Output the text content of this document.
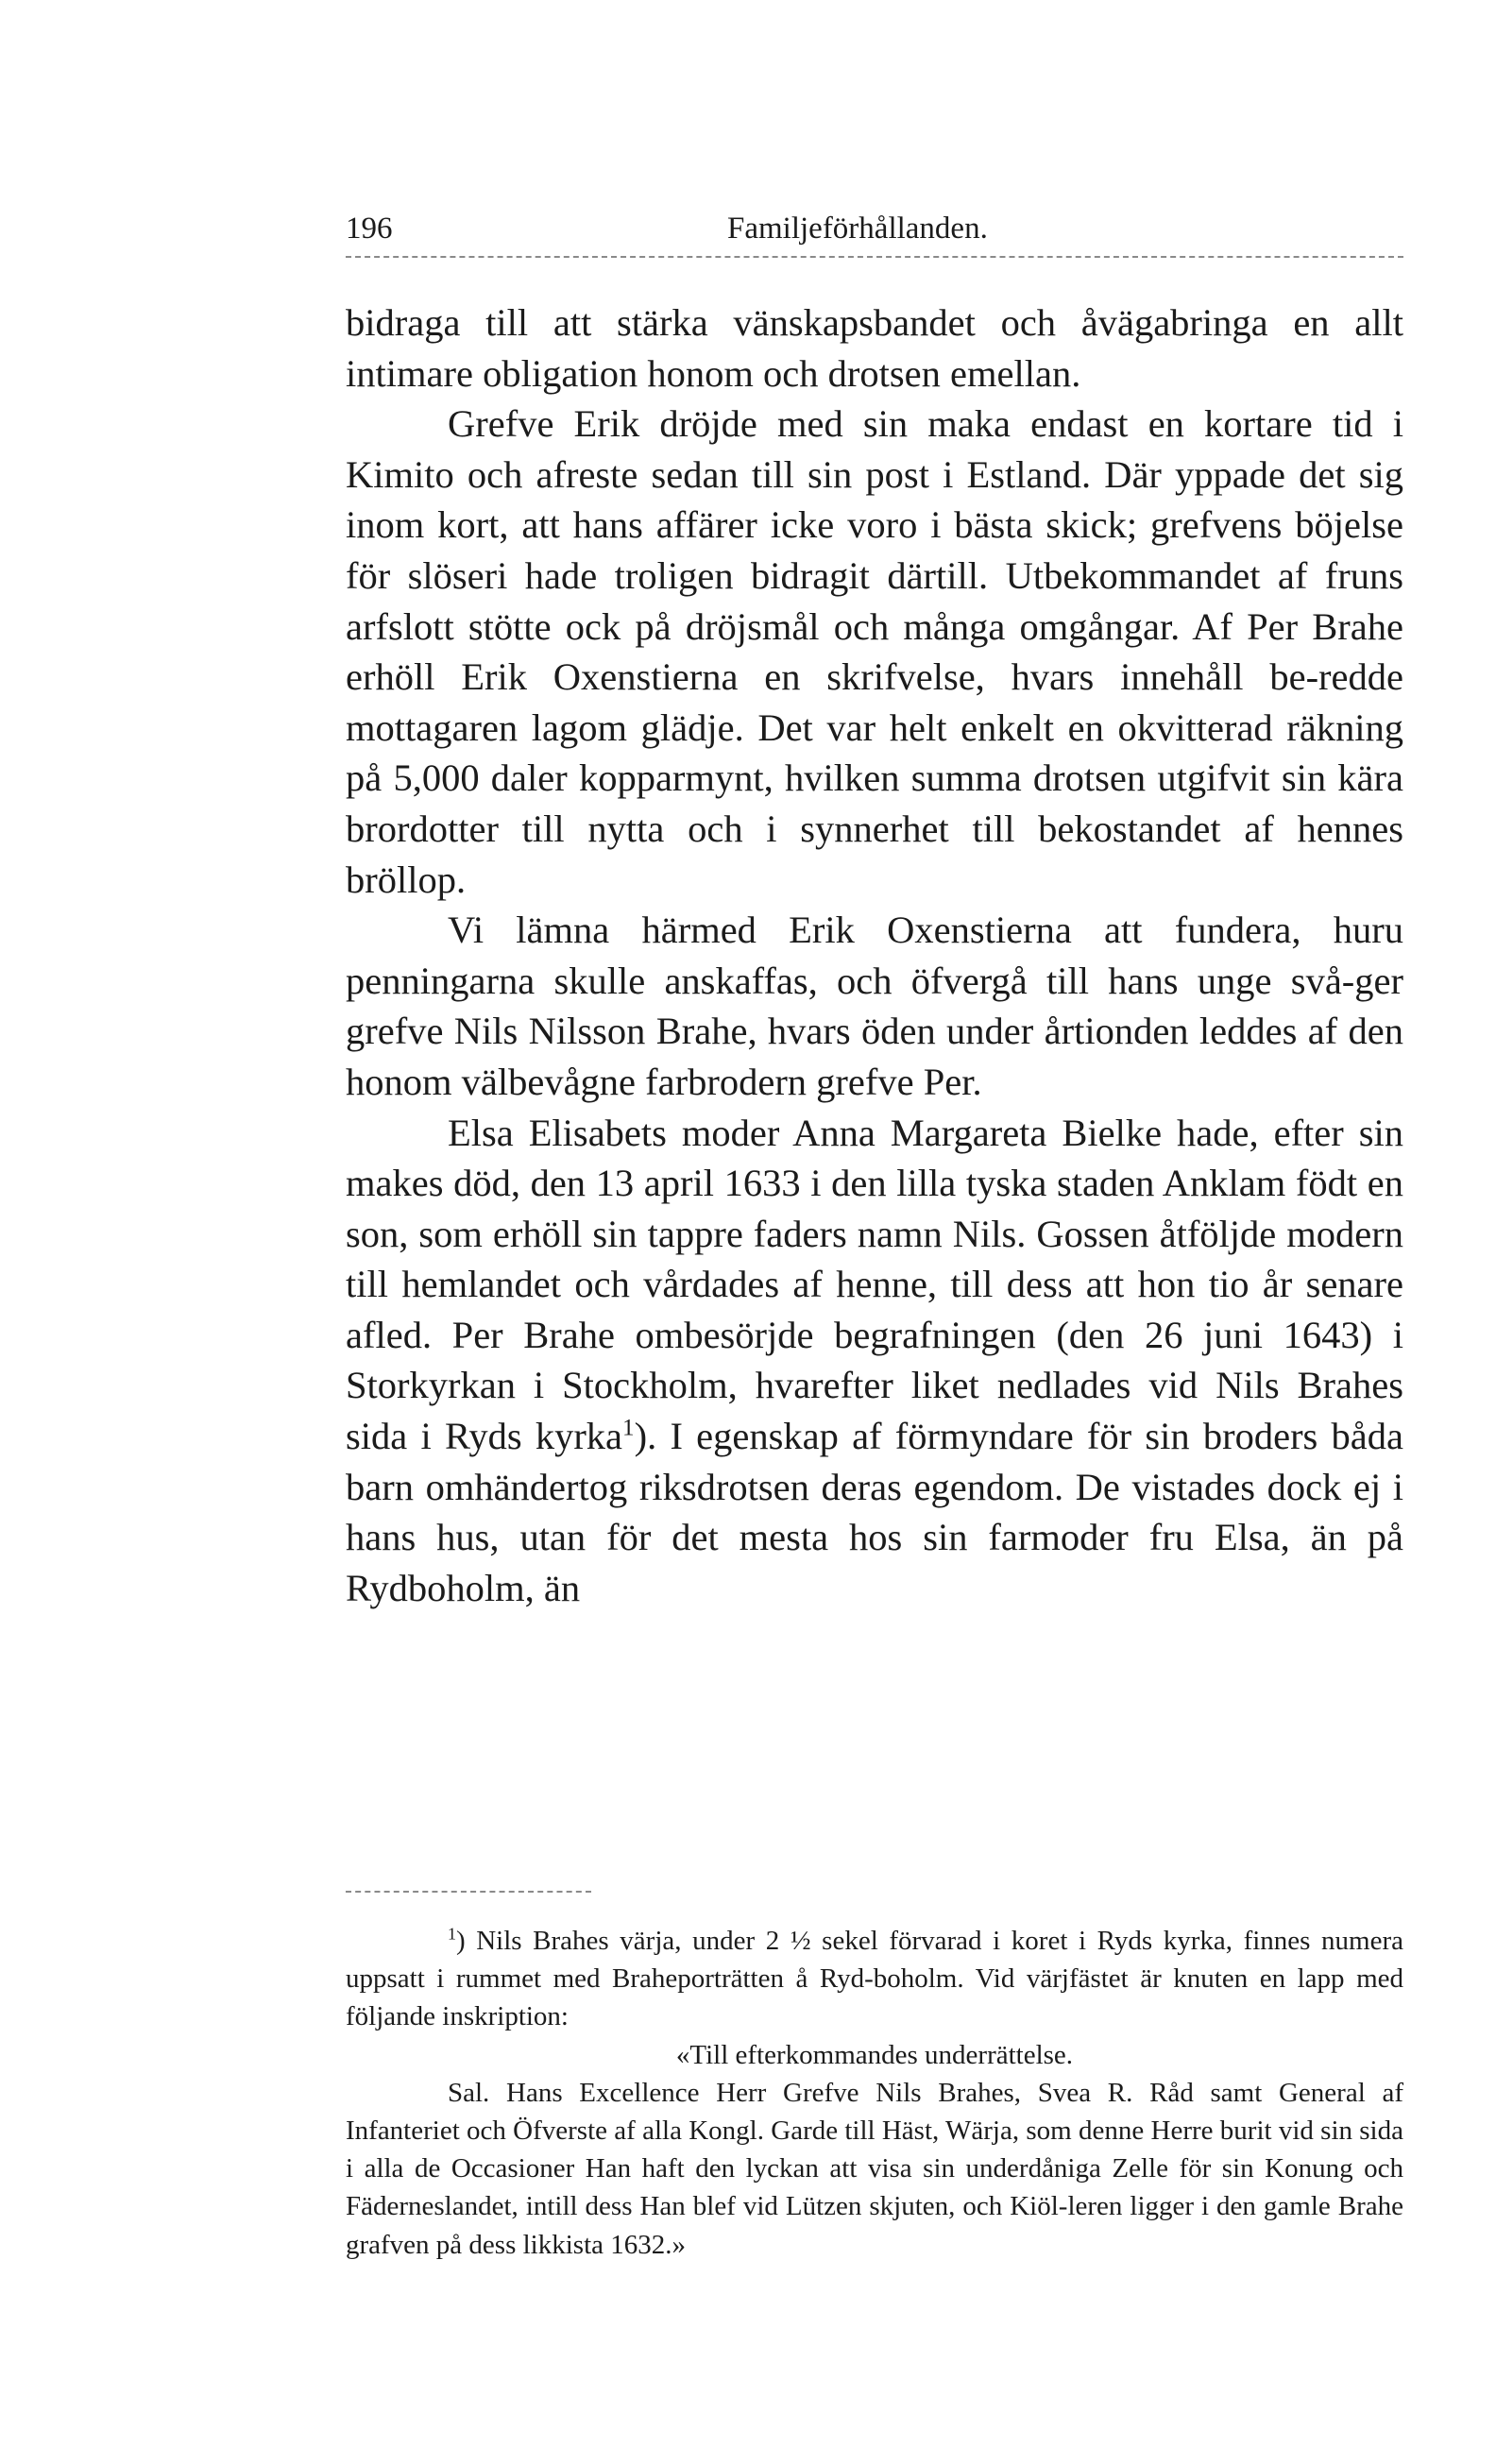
196	Familjeförhållanden.

bidraga till att stärka vänskapsbandet och åvägabringa en allt intimare obligation honom och drotsen emellan.

Grefve Erik dröjde med sin maka endast en kortare tid i Kimito och afreste sedan till sin post i Estland. Där yppade det sig inom kort, att hans affärer icke voro i bästa skick; grefvens böjelse för slöseri hade troligen bidragit därtill. Utbekommandet af fruns arfslott stötte ock på dröjsmål och många omgångar. Af Per Brahe erhöll Erik Oxenstierna en skrifvelse, hvars innehåll be-redde mottagaren lagom glädje. Det var helt enkelt en okvitterad räkning på 5,000 daler kopparmynt, hvilken summa drotsen utgifvit sin kära brordotter till nytta och i synnerhet till bekostandet af hennes bröllop.

Vi lämna härmed Erik Oxenstierna att fundera, huru penningarna skulle anskaffas, och öfvergå till hans unge svå-ger grefve Nils Nilsson Brahe, hvars öden under årtionden leddes af den honom välbevågne farbrodern grefve Per.

Elsa Elisabets moder Anna Margareta Bielke hade, efter sin makes död, den 13 april 1633 i den lilla tyska staden Anklam födt en son, som erhöll sin tappre faders namn Nils. Gossen åtföljde modern till hemlandet och vårdades af henne, till dess att hon tio år senare afled. Per Brahe ombesörjde begrafningen (den 26 juni 1643) i Storkyrkan i Stockholm, hvarefter liket nedlades vid Nils Brahes sida i Ryds kyrka$^1$). I egenskap af förmyndare för sin broders båda barn omhändertog riksdrotsen deras egendom. De vistades dock ej i hans hus, utan för det mesta hos sin farmoder fru Elsa, än på Rydboholm, än

$^1$) Nils Brahes värja, under 2 ½ sekel förvarad i koret i Ryds kyrka, finnes numera uppsatt i rummet med Braheporträtten å Ryd-boholm. Vid värjfästet är knuten en lapp med följande inskription:

«Till efterkommandes underrättelse.

Sal. Hans Excellence Herr Grefve Nils Brahes, Svea R. Råd samt General af Infanteriet och Öfverste af alla Kongl. Garde till Häst, Wärja, som denne Herre burit vid sin sida i alla de Occasioner Han haft den lyckan att visa sin underdåniga Zelle för sin Konung och Fäderneslandet, intill dess Han blef vid Lützen skjuten, och Kiöl-leren ligger i den gamle Brahe grafven på dess likkista 1632.»
